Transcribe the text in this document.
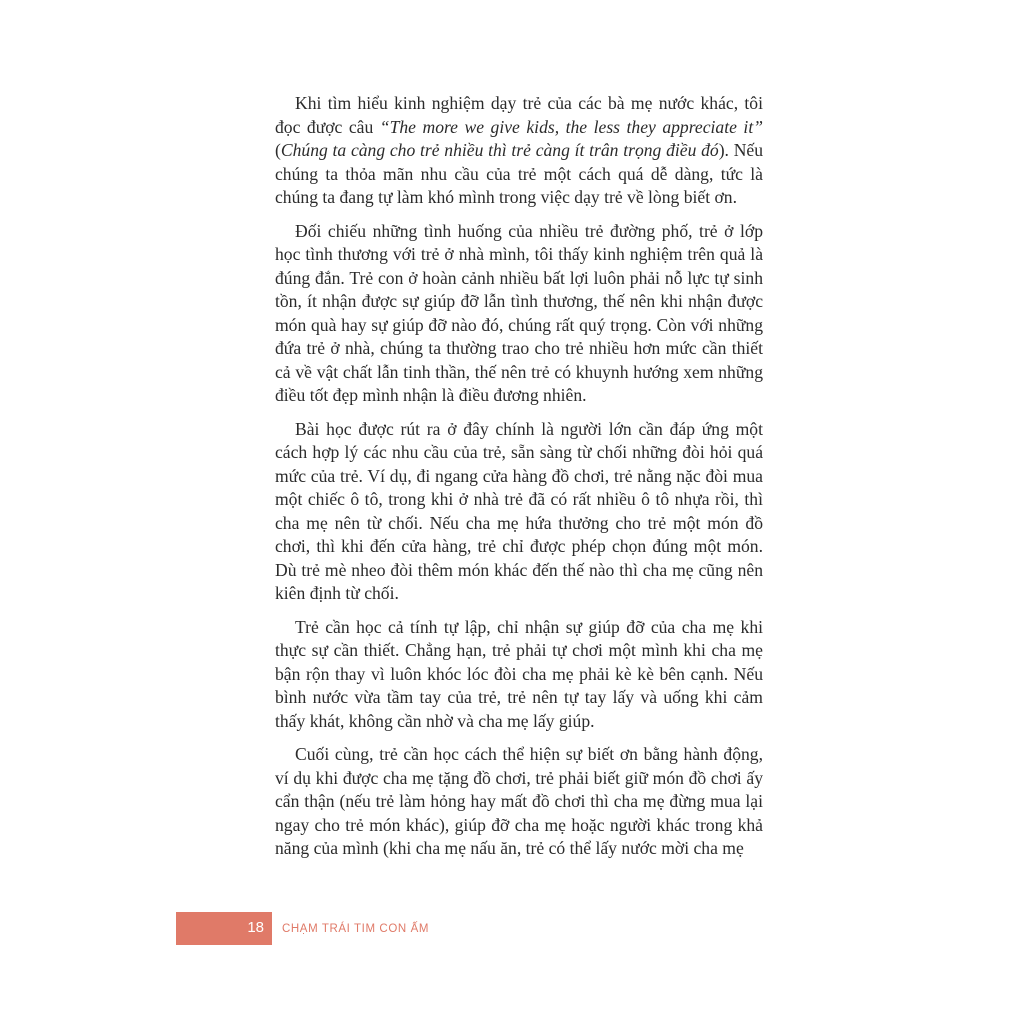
Khi tìm hiểu kinh nghiệm dạy trẻ của các bà mẹ nước khác, tôi đọc được câu “The more we give kids, the less they appreciate it” (Chúng ta càng cho trẻ nhiều thì trẻ càng ít trân trọng điều đó). Nếu chúng ta thỏa mãn nhu cầu của trẻ một cách quá dễ dàng, tức là chúng ta đang tự làm khó mình trong việc dạy trẻ về lòng biết ơn.

Đối chiếu những tình huống của nhiều trẻ đường phố, trẻ ở lớp học tình thương với trẻ ở nhà mình, tôi thấy kinh nghiệm trên quả là đúng đắn. Trẻ con ở hoàn cảnh nhiều bất lợi luôn phải nỗ lực tự sinh tồn, ít nhận được sự giúp đỡ lẫn tình thương, thế nên khi nhận được món quà hay sự giúp đỡ nào đó, chúng rất quý trọng. Còn với những đứa trẻ ở nhà, chúng ta thường trao cho trẻ nhiều hơn mức cần thiết cả về vật chất lẫn tinh thần, thế nên trẻ có khuynh hướng xem những điều tốt đẹp mình nhận là điều đương nhiên.

Bài học được rút ra ở đây chính là người lớn cần đáp ứng một cách hợp lý các nhu cầu của trẻ, sẵn sàng từ chối những đòi hỏi quá mức của trẻ. Ví dụ, đi ngang cửa hàng đồ chơi, trẻ nằng nặc đòi mua một chiếc ô tô, trong khi ở nhà trẻ đã có rất nhiều ô tô nhựa rồi, thì cha mẹ nên từ chối. Nếu cha mẹ hứa thưởng cho trẻ một món đồ chơi, thì khi đến cửa hàng, trẻ chỉ được phép chọn đúng một món. Dù trẻ mè nheo đòi thêm món khác đến thế nào thì cha mẹ cũng nên kiên định từ chối.

Trẻ cần học cả tính tự lập, chỉ nhận sự giúp đỡ của cha mẹ khi thực sự cần thiết. Chẳng hạn, trẻ phải tự chơi một mình khi cha mẹ bận rộn thay vì luôn khóc lóc đòi cha mẹ phải kè kè bên cạnh. Nếu bình nước vừa tầm tay của trẻ, trẻ nên tự tay lấy và uống khi cảm thấy khát, không cần nhờ và cha mẹ lấy giúp.

Cuối cùng, trẻ cần học cách thể hiện sự biết ơn bằng hành động, ví dụ khi được cha mẹ tặng đồ chơi, trẻ phải biết giữ món đồ chơi ấy cẩn thận (nếu trẻ làm hỏng hay mất đồ chơi thì cha mẹ đừng mua lại ngay cho trẻ món khác), giúp đỡ cha mẹ hoặc người khác trong khả năng của mình (khi cha mẹ nấu ăn, trẻ có thể lấy nước mời cha mẹ

18 CHẠM TRÁI TIM CON ẤM
